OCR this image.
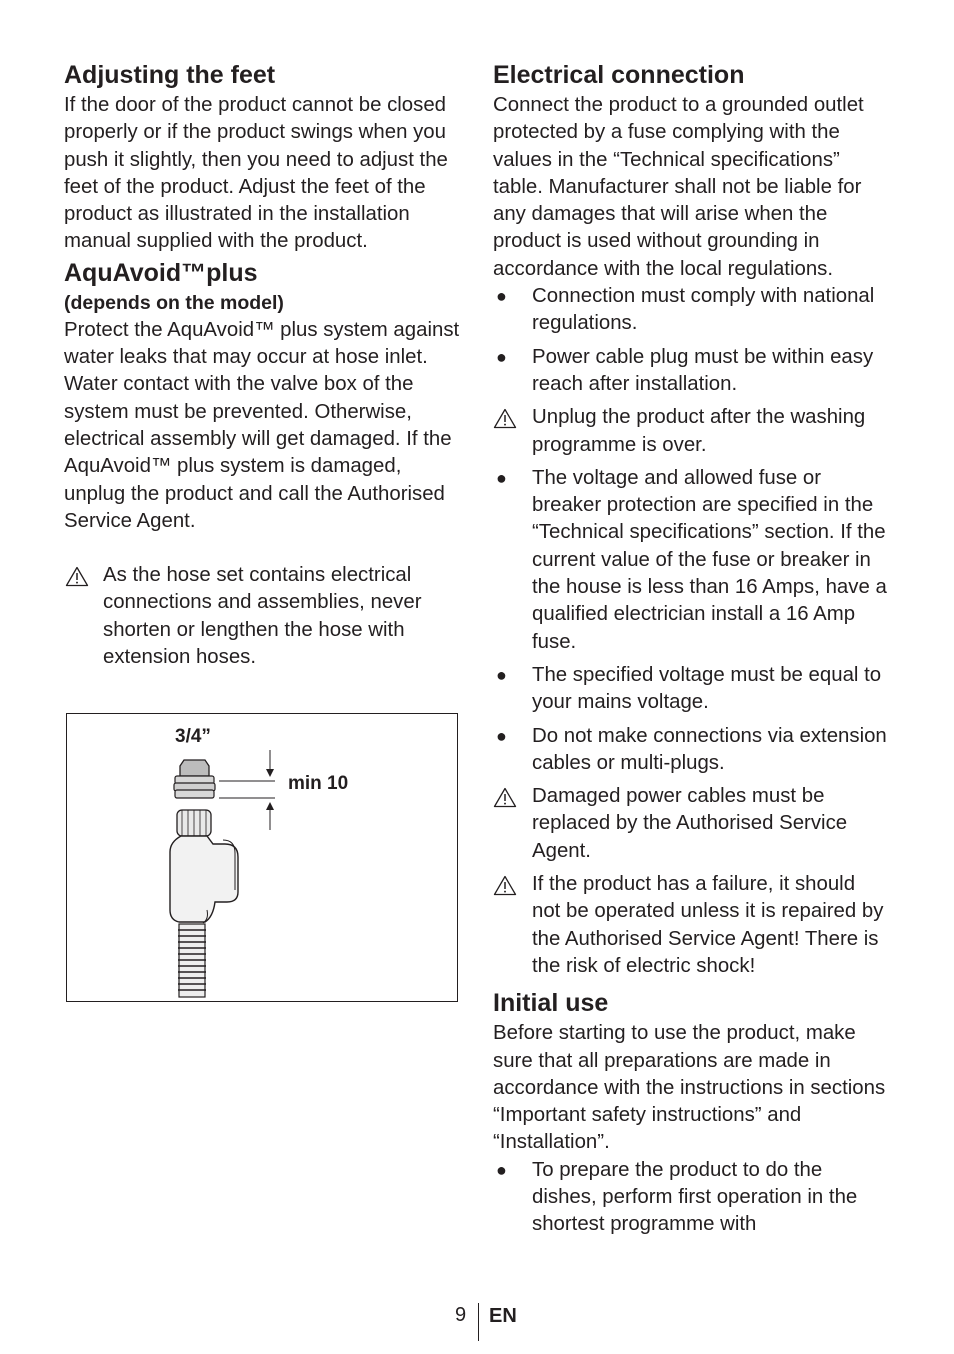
Adjusting the feet

If the door of the product cannot be closed properly or if the product swings when you push it slightly, then you need to adjust the feet of the product. Adjust the feet of the product as illustrated in the installation manual supplied with the product.

AquAvoid™plus
(depends on the model)

Protect the AquAvoid™ plus system against water leaks that may occur at hose inlet. Water contact with the valve box of the system must be prevented. Otherwise, electrical assembly will get damaged. If the AquAvoid™ plus system is damaged, unplug the product and call the Authorised Service Agent.

As the hose set contains electrical connections and assemblies, never shorten or lengthen the hose with extension hoses.
3/4”
min 10
Electrical connection

Connect the product to a grounded outlet protected by a fuse complying with the values in the “Technical specifications” table. Manufacturer shall not be liable for any damages that will arise when the product is used without grounding in accordance with the local regulations.

● Connection must comply with national regulations.
● Power cable plug must be within easy reach after installation.
Unplug the product after the washing programme is over.
● The voltage and allowed fuse or breaker protection are specified in the “Technical specifications” section. If the current value of the fuse or breaker in the house is less than 16 Amps, have a qualified electrician install a 16 Amp fuse.
● The specified voltage must be equal to your mains voltage.
● Do not make connections via extension cables or multi-plugs.
Damaged power cables must be replaced by the Authorised Service Agent.
If the product has a failure, it should not be operated unless it is repaired by the Authorised Service Agent! There is the risk of electric shock!
Initial use

Before starting to use the product, make sure that all preparations are made in accordance with the instructions in sections “Important safety instructions” and “Installation”.

● To prepare the product to do the dishes, perform first operation in the shortest programme with
9 EN
